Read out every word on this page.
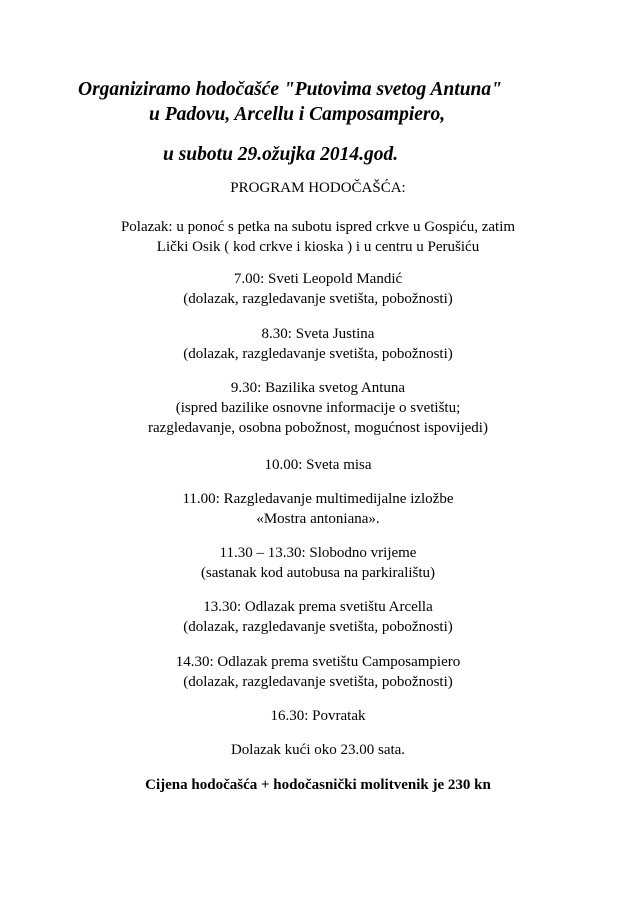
Organiziramo hodočašće "Putovima svetog Antuna"
u Padovu, Arcellu i Camposampiero,
u subotu 29.ožujka 2014.god.
PROGRAM HODOČAŠĆA:
Polazak: u ponoć s petka na subotu ispred crkve u Gospiću, zatim
Lički Osik ( kod crkve i kioska ) i u centru u Perušiću
7.00: Sveti Leopold Mandić
(dolazak, razgledavanje svetišta, pobožnosti)
8.30: Sveta Justina
(dolazak, razgledavanje svetišta, pobožnosti)
9.30: Bazilika svetog Antuna
(ispred bazilike osnovne informacije o svetištu;
razgledavanje, osobna pobožnost, mogućnost ispovijedi)
10.00: Sveta misa
11.00: Razgledavanje multimedijalne izložbe
«Mostra antoniana».
11.30 – 13.30: Slobodno vrijeme
(sastanak kod autobusa na parkiralištu)
13.30: Odlazak prema svetištu Arcella
(dolazak, razgledavanje svetišta, pobožnosti)
14.30: Odlazak prema svetištu Camposampiero
(dolazak, razgledavanje svetišta, pobožnosti)
16.30: Povratak
Dolazak kući oko 23.00 sata.
Cijena hodočašća + hodočasnički molitvenik je 230 kn
